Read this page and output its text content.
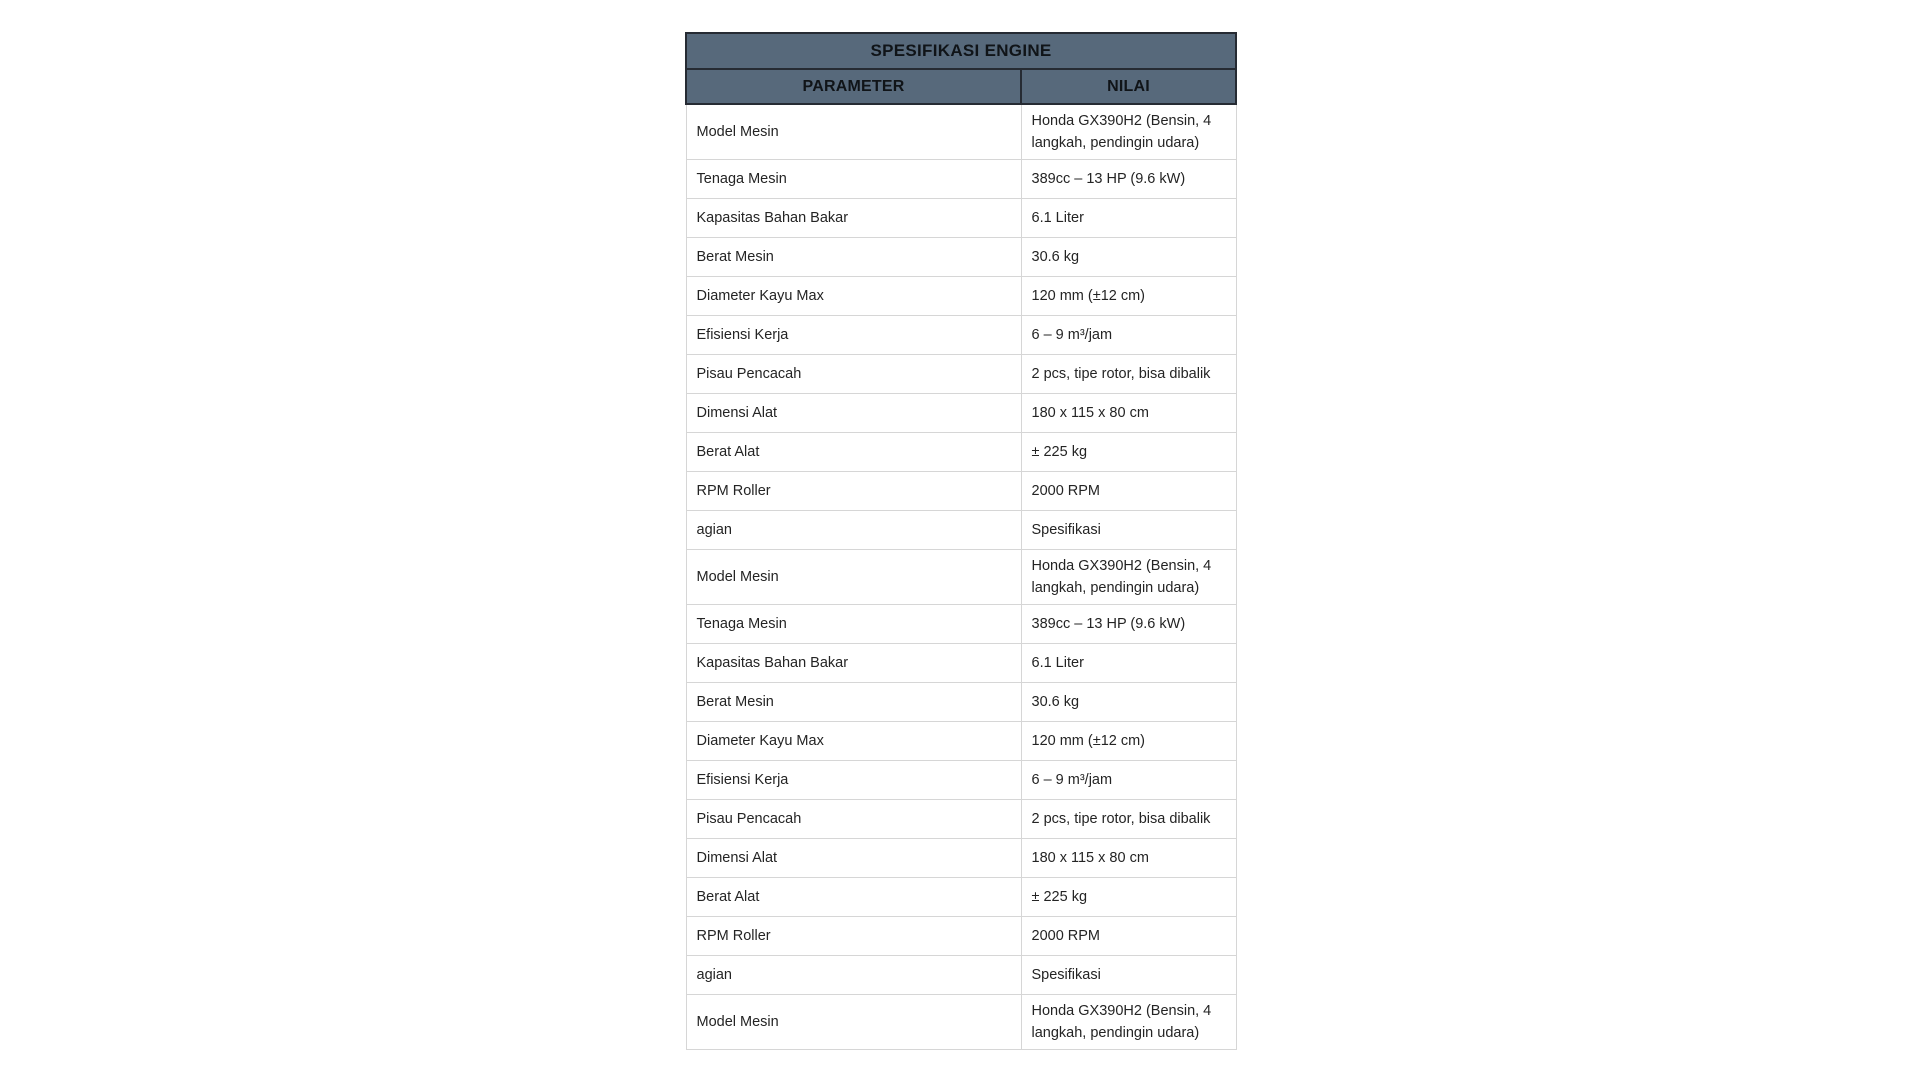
SPESIFIKASI ENGINE	
PARAMETER	NILAI
Model Mesin	Honda GX390H2 (Bensin, 4 langkah, pendingin udara)
Tenaga Mesin	389cc – 13 HP (9.6 kW)
Kapasitas Bahan Bakar	6.1 Liter
Berat Mesin	30.6 kg
Diameter Kayu Max	120 mm (±12 cm)
Efisiensi Kerja	6 – 9 m³/jam
Pisau Pencacah	2 pcs, tipe rotor, bisa dibalik
Dimensi Alat	180 x 115 x 80 cm
Berat Alat	± 225 kg
RPM Roller	2000 RPM
agian	Spesifikasi
Model Mesin	Honda GX390H2 (Bensin, 4 langkah, pendingin udara)
Tenaga Mesin	389cc – 13 HP (9.6 kW)
Kapasitas Bahan Bakar	6.1 Liter
Berat Mesin	30.6 kg
Diameter Kayu Max	120 mm (±12 cm)
Efisiensi Kerja	6 – 9 m³/jam
Pisau Pencacah	2 pcs, tipe rotor, bisa dibalik
Dimensi Alat	180 x 115 x 80 cm
Berat Alat	± 225 kg
RPM Roller	2000 RPM
agian	Spesifikasi
Model Mesin	Honda GX390H2 (Bensin, 4 langkah, pendingin udara)
